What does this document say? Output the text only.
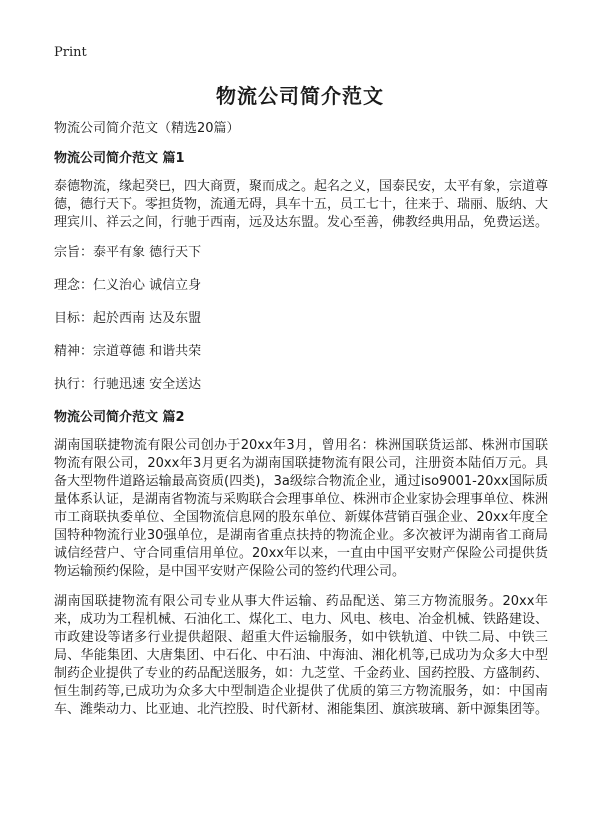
Print
物流公司简介范文

物流公司简介范文（精选20篇）

物流公司简介范文 篇1

泰德物流，缘起癸巳，四大商贾，聚而成之。起名之义，国泰民安，太平有象，宗道尊德，德行天下。零担货物，流通无碍，具车十五，员工七十，往来于、瑞丽、版纳、大理宾川、祥云之间，行驰于西南，远及达东盟。发心至善，佛教经典用品，免费运送。

宗旨：泰平有象 德行天下

理念：仁义治心 诚信立身

目标：起於西南 达及东盟

精神：宗道尊德 和谐共荣

执行：行驰迅速 安全送达

物流公司简介范文 篇2

湖南国联捷物流有限公司创办于20xx年3月，曾用名：株洲国联货运部、株洲市国联物流有限公司，20xx年3月更名为湖南国联捷物流有限公司，注册资本陆佰万元。具备大型物件道路运输最高资质(四类)，3a级综合物流企业，通过iso9001-20xx国际质量体系认证，是湖南省物流与采购联合会理事单位、株洲市企业家协会理事单位、株洲市工商联执委单位、全国物流信息网的股东单位、新媒体营销百强企业、20xx年度全国特种物流行业30强单位，是湖南省重点扶持的物流企业。多次被评为湖南省工商局诚信经营户、守合同重信用单位。20xx年以来，一直由中国平安财产保险公司提供货物运输预约保险，是中国平安财产保险公司的签约代理公司。

湖南国联捷物流有限公司专业从事大件运输、药品配送、第三方物流服务。20xx年来，成功为工程机械、石油化工、煤化工、电力、风电、核电、冶金机械、铁路建设、市政建设等诸多行业提供超限、超重大件运输服务，如中铁轨道、中铁二局、中铁三局、华能集团、大唐集团、中石化、中石油、中海油、湘化机等,已成功为众多大中型制药企业提供了专业的药品配送服务，如：九芝堂、千金药业、国药控股、方盛制药、恒生制药等,已成功为众多大中型制造企业提供了优质的第三方物流服务，如：中国南车、潍柴动力、比亚迪、北汽控股、时代新材、湘能集团、旗滨玻璃、新中源集团等。
